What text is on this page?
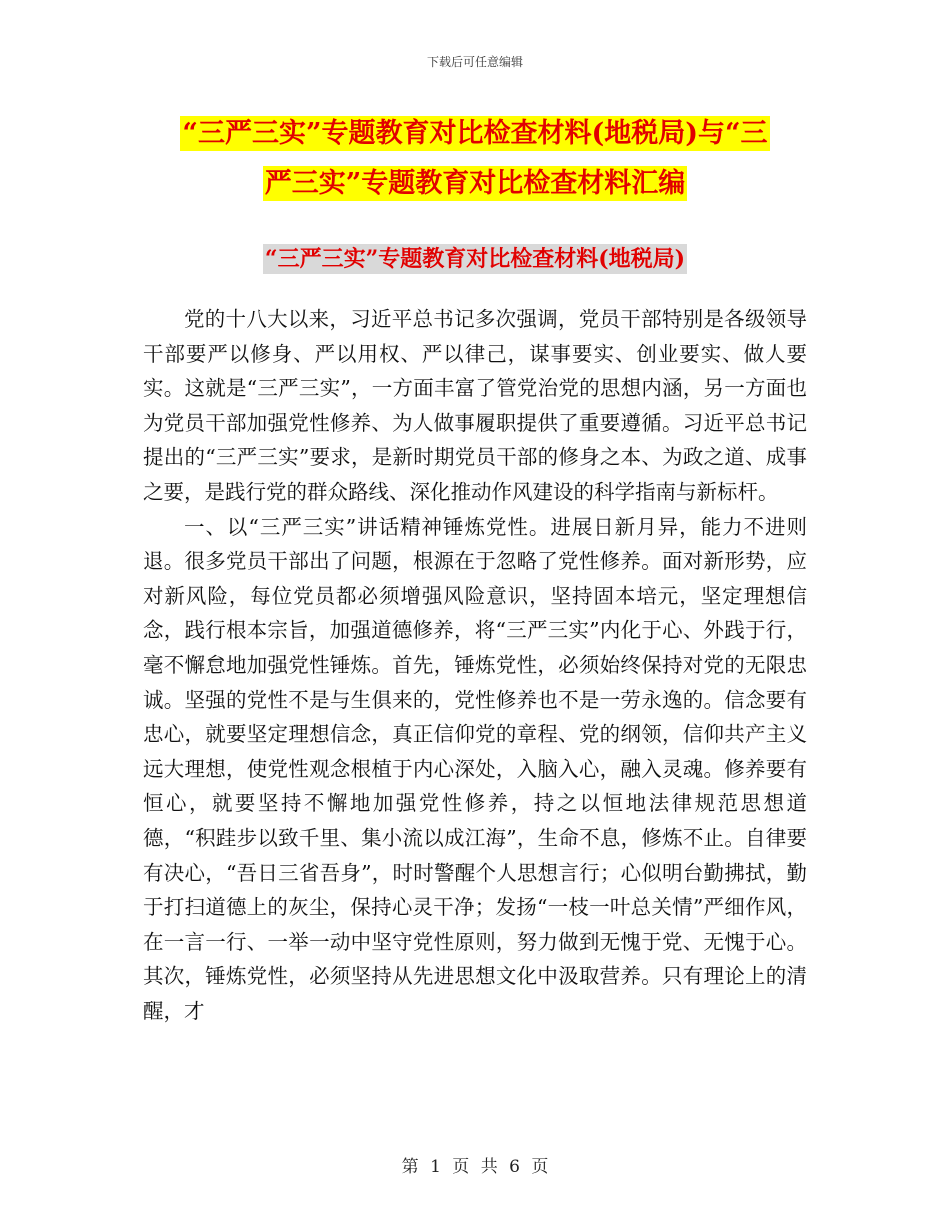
下载后可任意编辑
“三严三实”专题教育对比检查材料(地税局)与“三
严三实”专题教育对比检查材料汇编
“三严三实”专题教育对比检查材料(地税局)

党的十八大以来，习近平总书记多次强调，党员干部特别是各级领导干部要严以修身、严以用权、严以律己，谋事要实、创业要实、做人要实。这就是“三严三实”，一方面丰富了管党治党的思想内涵，另一方面也为党员干部加强党性修养、为人做事履职提供了重要遵循。习近平总书记提出的“三严三实”要求，是新时期党员干部的修身之本、为政之道、成事之要，是践行党的群众路线、深化推动作风建设的科学指南与新标杆。

一、以“三严三实”讲话精神锤炼党性。进展日新月异，能力不进则退。很多党员干部出了问题，根源在于忽略了党性修养。面对新形势，应对新风险，每位党员都必须增强风险意识，坚持固本培元，坚定理想信念，践行根本宗旨，加强道德修养，将“三严三实”内化于心、外践于行，毫不懈怠地加强党性锤炼。首先，锤炼党性，必须始终保持对党的无限忠诚。坚强的党性不是与生俱来的，党性修养也不是一劳永逸的。信念要有忠心，就要坚定理想信念，真正信仰党的章程、党的纲领，信仰共产主义远大理想，使党性观念根植于内心深处，入脑入心，融入灵魂。修养要有恒心，就要坚持不懈地加强党性修养，持之以恒地法律规范思想道德，“积跬步以致千里、集小流以成江海”，生命不息，修炼不止。自律要有决心，“吾日三省吾身”，时时警醒个人思想言行；心似明台勤拂拭，勤于打扫道德上的灰尘，保持心灵干净；发扬“一枝一叶总关情”严细作风，在一言一行、一举一动中坚守党性原则，努力做到无愧于党、无愧于心。其次，锤炼党性，必须坚持从先进思想文化中汲取营养。只有理论上的清醒，才

第 1 页 共 6 页
